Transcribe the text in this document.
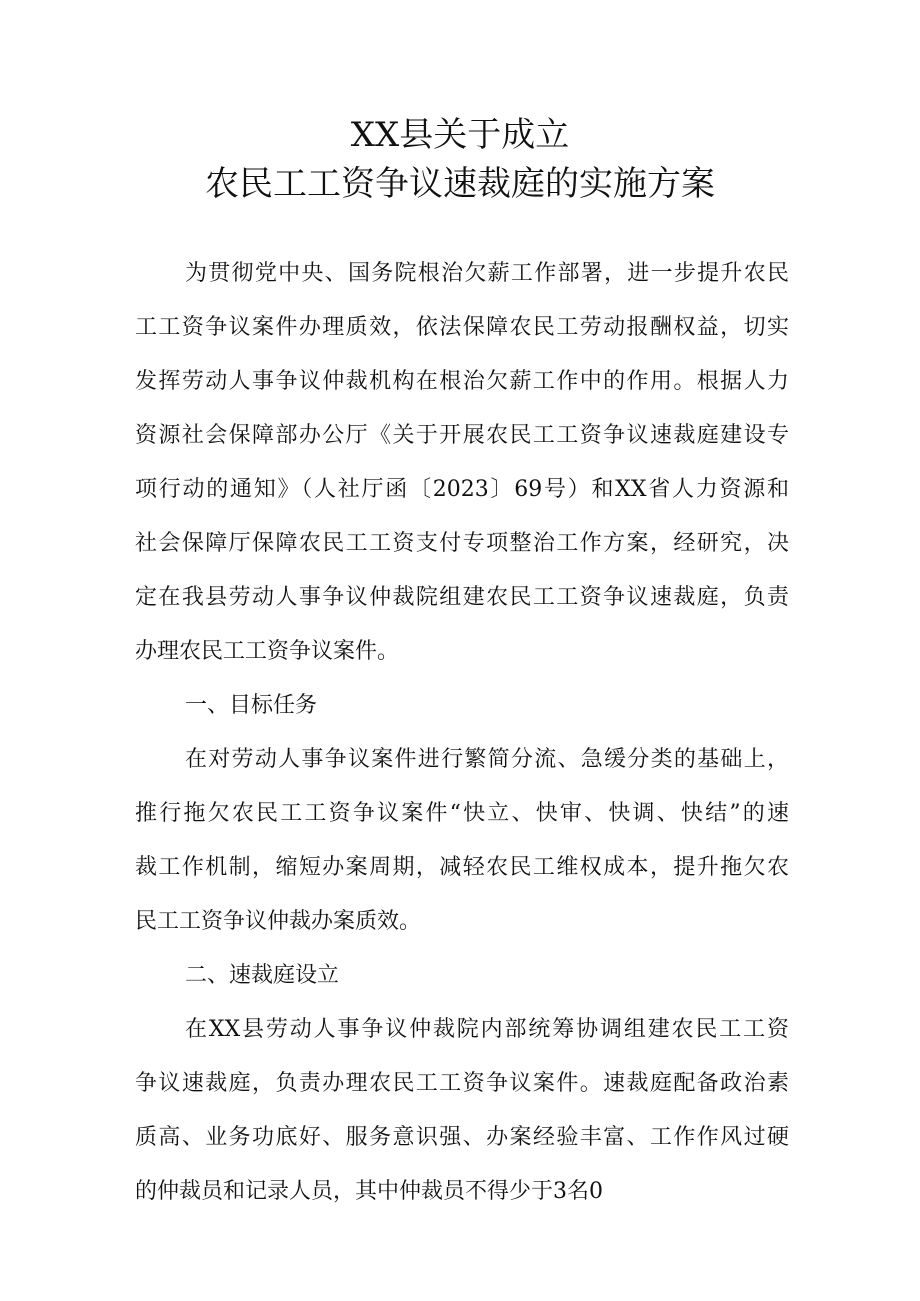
XX县关于成立
农民工工资争议速裁庭的实施方案
为贯彻党中央、国务院根治欠薪工作部署，进一步提升农民
工工资争议案件办理质效，依法保障农民工劳动报酬权益，切实
发挥劳动人事争议仲裁机构在根治欠薪工作中的作用。根据人力
资源社会保障部办公厅《关于开展农民工工资争议速裁庭建设专
项行动的通知》（人社厅函〔2023〕69号）和XX省人力资源和
社会保障厅保障农民工工资支付专项整治工作方案，经研究，决
定在我县劳动人事争议仲裁院组建农民工工资争议速裁庭，负责
办理农民工工资争议案件。
一、目标任务
在对劳动人事争议案件进行繁简分流、急缓分类的基础上，
推行拖欠农民工工资争议案件“快立、快审、快调、快结”的速
裁工作机制，缩短办案周期，减轻农民工维权成本，提升拖欠农
民工工资争议仲裁办案质效。
二、速裁庭设立
在XX县劳动人事争议仲裁院内部统筹协调组建农民工工资
争议速裁庭，负责办理农民工工资争议案件。速裁庭配备政治素
质高、业务功底好、服务意识强、办案经验丰富、工作作风过硬
的仲裁员和记录人员，其中仲裁员不得少于3名0
